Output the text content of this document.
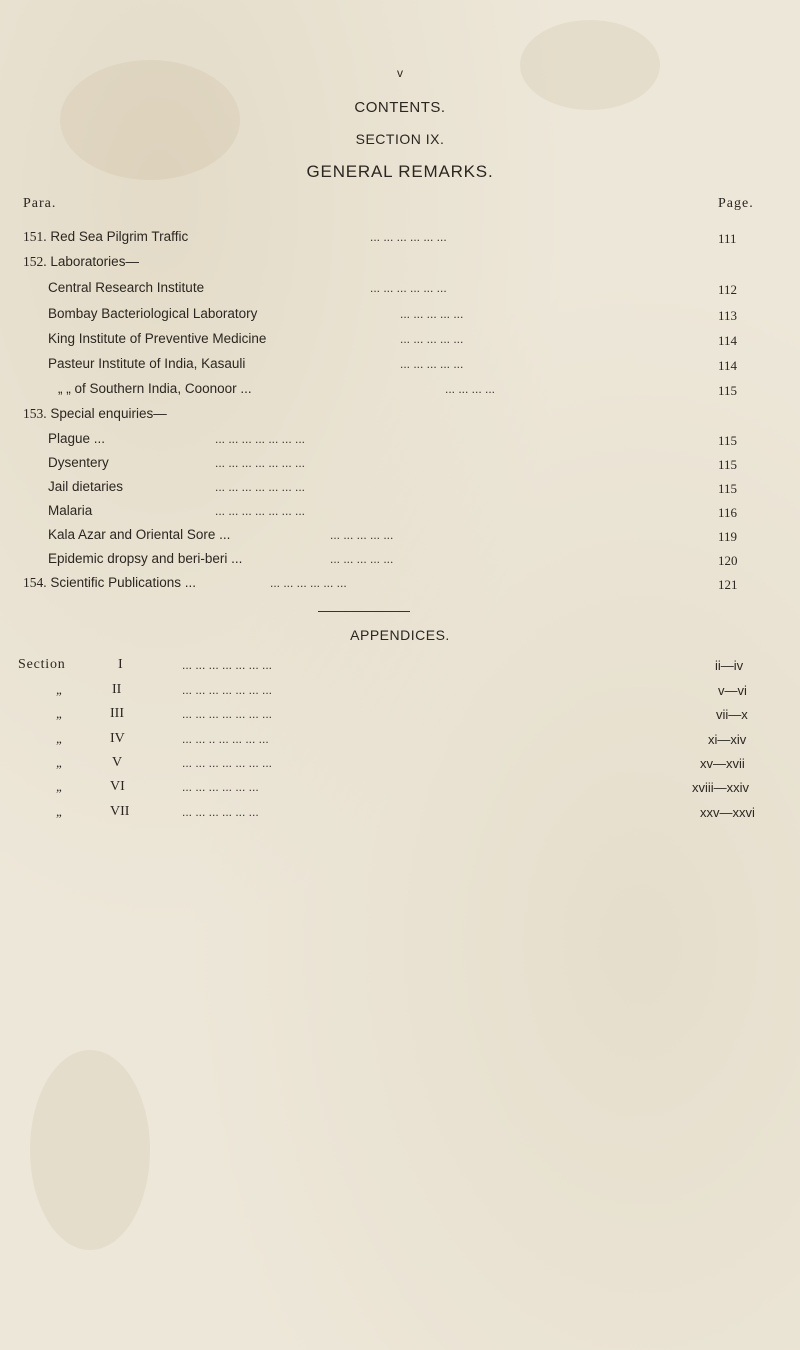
v
CONTENTS.
SECTION IX.
GENERAL REMARKS.
Para.	Page.
151. Red Sea Pilgrim Traffic	... ... ... ... ... ...	111
152. Laboratories—
Central Research Institute	... ... ... ... ... ...	112
Bombay Bacteriological Laboratory	... ... ... ... ...	113
King Institute of Preventive Medicine	... ... ... ... ...	114
Pasteur Institute of India, Kasauli	... ... ... ... ...	114
„ „ of Southern India, Coonoor ...	... ... ... ...	115
153. Special enquiries—
Plague ...	... ... ... ... ... ... ...	115
Dysentery	... ... ... ... ... ... ...	115
Jail dietaries	... ... ... ... ... ... ...	115
Malaria	... ... ... ... ... ... ...	116
Kala Azar and Oriental Sore ...	... ... ... ... ...	119
Epidemic dropsy and beri-beri ...	... ... ... ... ...	120
154. Scientific Publications ...	... ... ... ... ... ...	121
APPENDICES.
Section	I	... ... ... ... ... ... ...	ii—iv
„	II	... ... ... ... ... ... ...	v—vi
„	III	... ... ... ... ... ... ...	vii—x
„	IV	... ... .. ... ... ... ...	xi—xiv
„	V	... ... ... ... ... ... ...	xv—xvii
„	VI	... ... ... ... ... ...	xviii—xxiv
„	VII	... ... ... ... ... ...	xxv—xxvi
